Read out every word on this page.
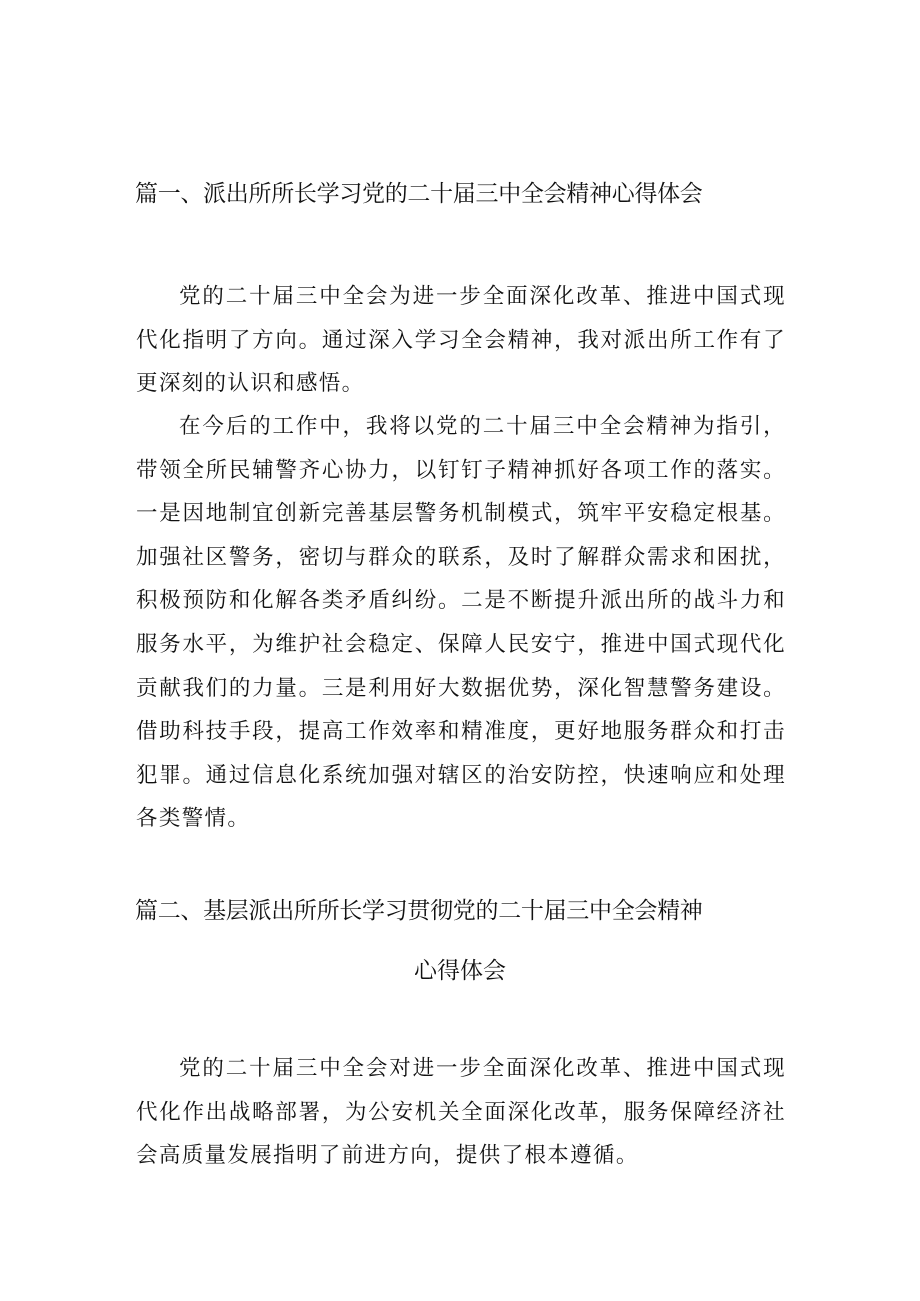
篇一、派出所所长学习党的二十届三中全会精神心得体会
党的二十届三中全会为进一步全面深化改革、推进中国式现代化指明了方向。通过深入学习全会精神，我对派出所工作有了更深刻的认识和感悟。
在今后的工作中，我将以党的二十届三中全会精神为指引，带领全所民辅警齐心协力，以钉钉子精神抓好各项工作的落实。一是因地制宜创新完善基层警务机制模式，筑牢平安稳定根基。加强社区警务，密切与群众的联系，及时了解群众需求和困扰，积极预防和化解各类矛盾纠纷。二是不断提升派出所的战斗力和服务水平，为维护社会稳定、保障人民安宁，推进中国式现代化贡献我们的力量。三是利用好大数据优势，深化智慧警务建设。借助科技手段，提高工作效率和精准度，更好地服务群众和打击犯罪。通过信息化系统加强对辖区的治安防控，快速响应和处理各类警情。
篇二、基层派出所所长学习贯彻党的二十届三中全会精神
心得体会
党的二十届三中全会对进一步全面深化改革、推进中国式现代化作出战略部署，为公安机关全面深化改革，服务保障经济社会高质量发展指明了前进方向，提供了根本遵循。
